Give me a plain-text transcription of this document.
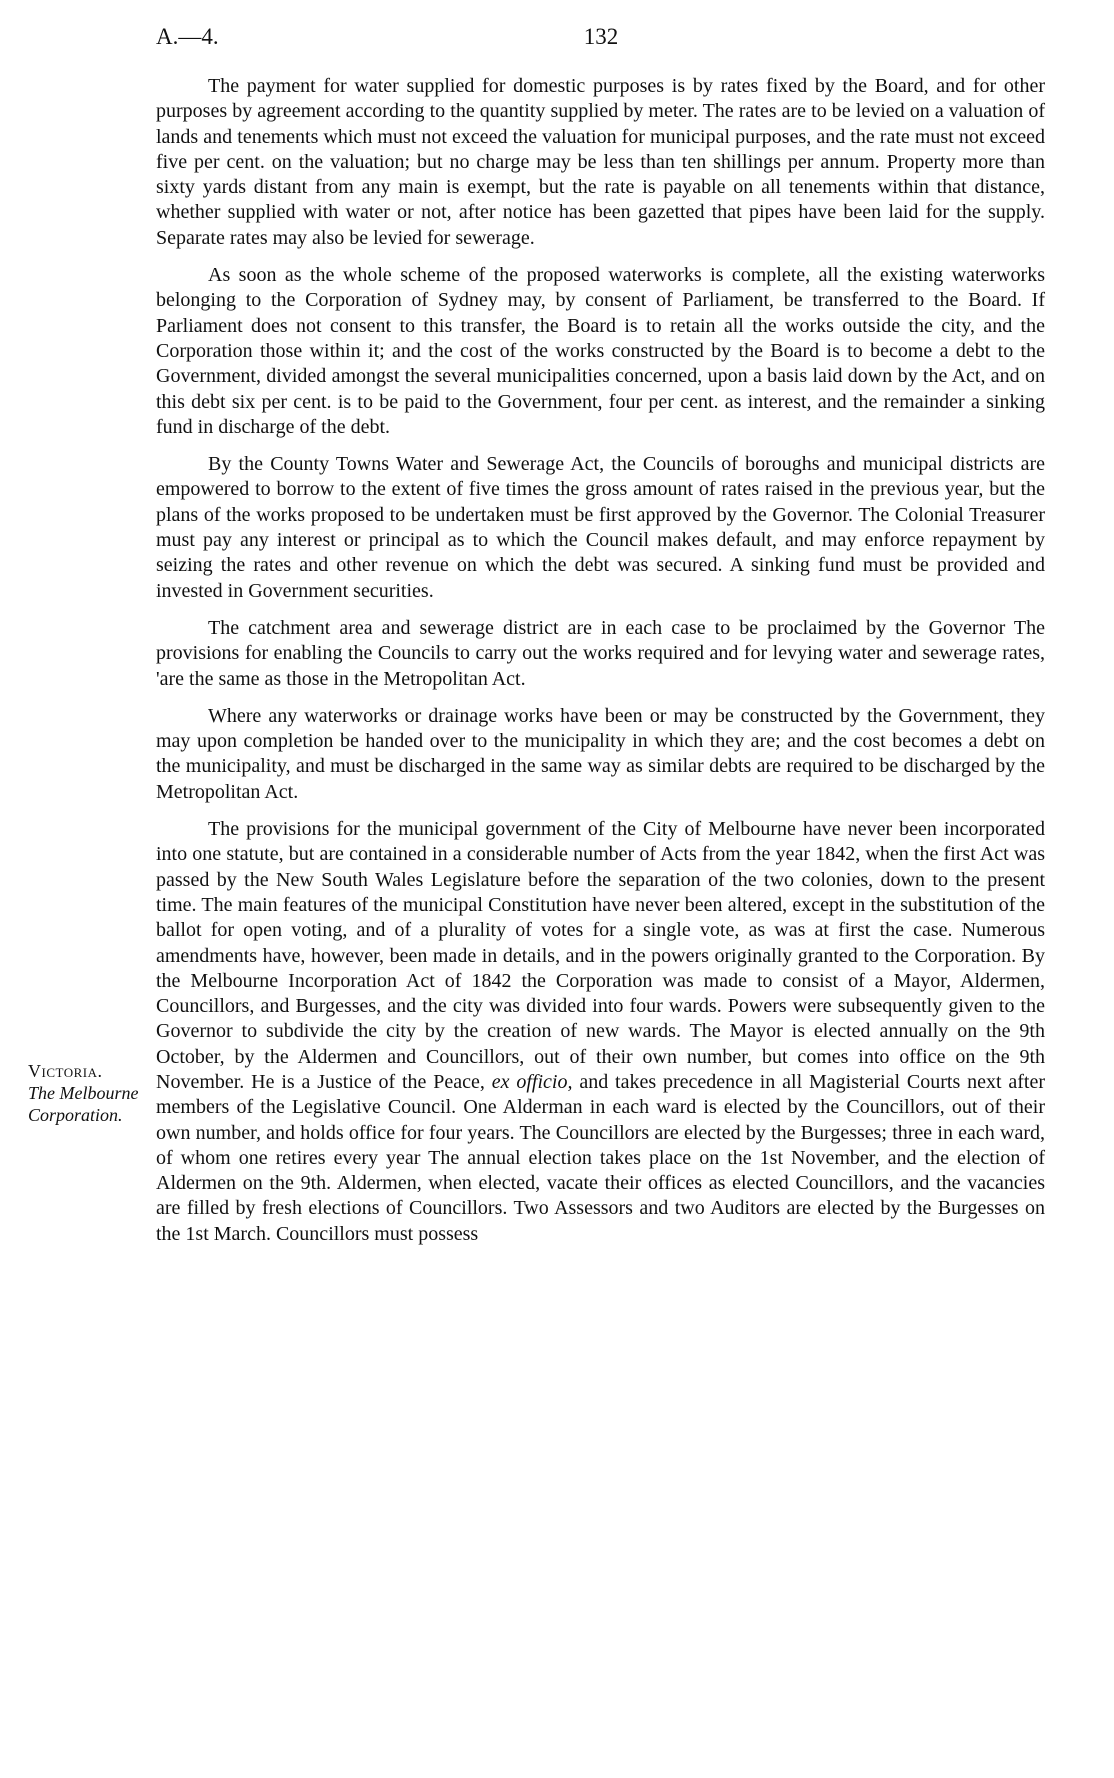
A.—4.	132
Victoria.
The Melbourne
Corporation.

The payment for water supplied for domestic purposes is by rates fixed by the Board, and for other purposes by agreement according to the quantity supplied by meter. The rates are to be levied on a valuation of lands and tenements which must not exceed the valuation for municipal purposes, and the rate must not exceed five per cent. on the valuation; but no charge may be less than ten shillings per annum. Property more than sixty yards distant from any main is exempt, but the rate is payable on all tenements within that distance, whether supplied with water or not, after notice has been gazetted that pipes have been laid for the supply. Separate rates may also be levied for sewerage.

As soon as the whole scheme of the proposed waterworks is complete, all the existing waterworks belonging to the Corporation of Sydney may, by consent of Parliament, be transferred to the Board. If Parliament does not consent to this transfer, the Board is to retain all the works outside the city, and the Corporation those within it; and the cost of the works constructed by the Board is to become a debt to the Government, divided amongst the several municipalities concerned, upon a basis laid down by the Act, and on this debt six per cent. is to be paid to the Government, four per cent. as interest, and the remainder a sinking fund in discharge of the debt.

By the County Towns Water and Sewerage Act, the Councils of boroughs and municipal districts are empowered to borrow to the extent of five times the gross amount of rates raised in the previous year, but the plans of the works proposed to be undertaken must be first approved by the Governor. The Colonial Treasurer must pay any interest or principal as to which the Council makes default, and may enforce repayment by seizing the rates and other revenue on which the debt was secured. A sinking fund must be provided and invested in Government securities.

The catchment area and sewerage district are in each case to be proclaimed by the Governor The provisions for enabling the Councils to carry out the works required and for levying water and sewerage rates, 'are the same as those in the Metropolitan Act.

Where any waterworks or drainage works have been or may be constructed by the Government, they may upon completion be handed over to the municipality in which they are; and the cost becomes a debt on the municipality, and must be discharged in the same way as similar debts are required to be discharged by the Metropolitan Act.

The provisions for the municipal government of the City of Melbourne have never been incorporated into one statute, but are contained in a considerable number of Acts from the year 1842, when the first Act was passed by the New South Wales Legislature before the separation of the two colonies, down to the present time. The main features of the municipal Constitution have never been altered, except in the substitution of the ballot for open voting, and of a plurality of votes for a single vote, as was at first the case. Numerous amendments have, however, been made in details, and in the powers originally granted to the Corporation. By the Melbourne Incorporation Act of 1842 the Corporation was made to consist of a Mayor, Aldermen, Councillors, and Burgesses, and the city was divided into four wards. Powers were subsequently given to the Governor to subdivide the city by the creation of new wards. The Mayor is elected annually on the 9th October, by the Aldermen and Councillors, out of their own number, but comes into office on the 9th November. He is a Justice of the Peace, ex officio, and takes precedence in all Magisterial Courts next after members of the Legislative Council. One Alderman in each ward is elected by the Councillors, out of their own number, and holds office for four years. The Councillors are elected by the Burgesses; three in each ward, of whom one retires every year The annual election takes place on the 1st November, and the election of Aldermen on the 9th. Aldermen, when elected, vacate their offices as elected Councillors, and the vacancies are filled by fresh elections of Councillors. Two Assessors and two Auditors are elected by the Burgesses on the 1st March. Councillors must possess
